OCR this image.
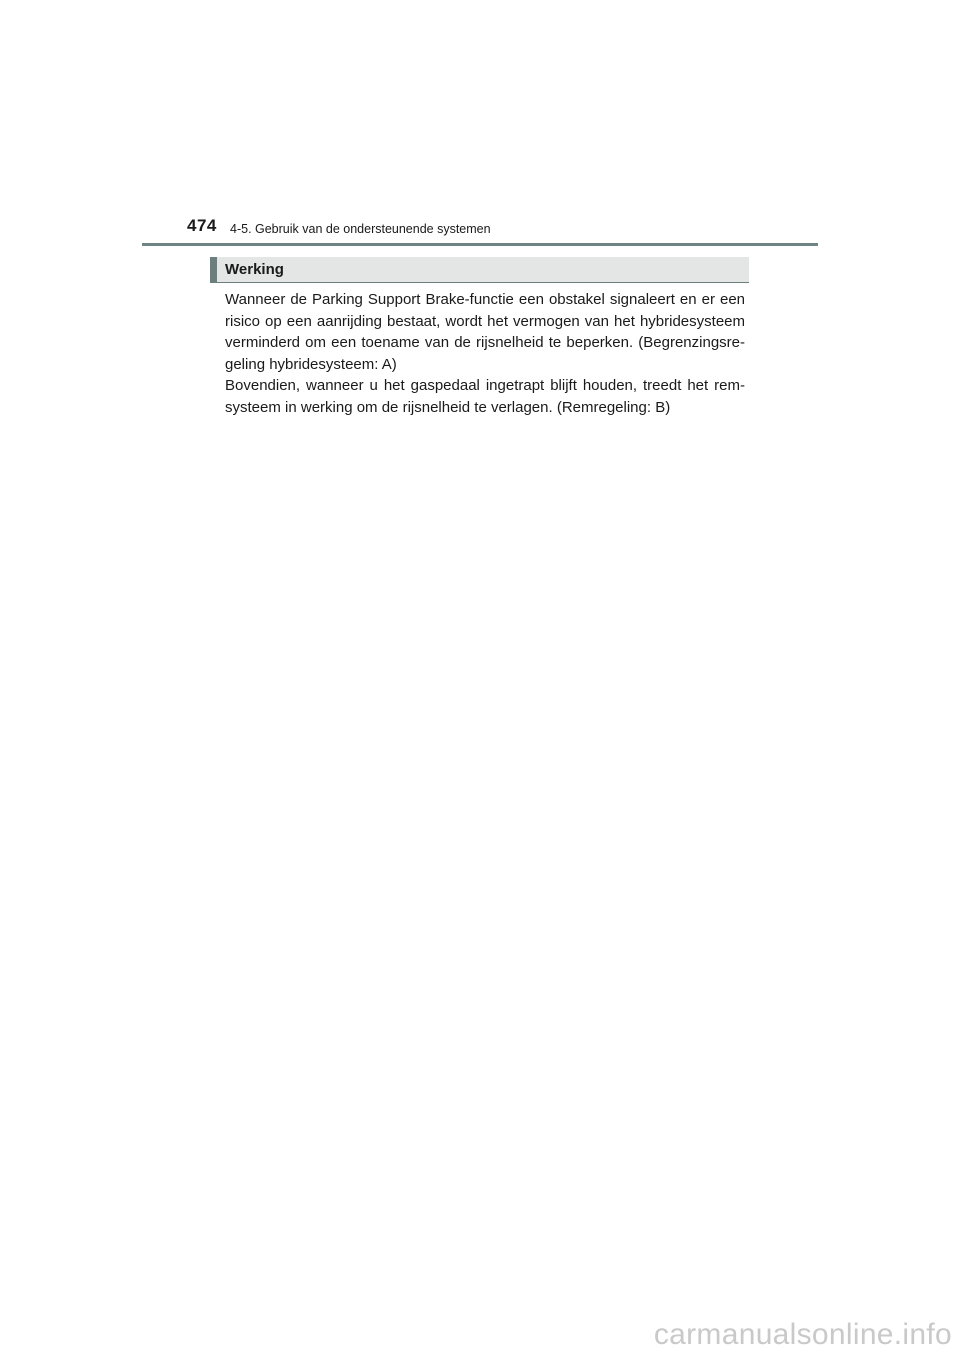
474 4-5. Gebruik van de ondersteunende systemen
Werking

Wanneer de Parking Support Brake-functie een obstakel signaleert en er een risico op een aanrijding bestaat, wordt het vermogen van het hybridesysteem verminderd om een toename van de rijsnelheid te beperken. (Begrenzingsre-geling hybridesysteem: A)

Bovendien, wanneer u het gaspedaal ingetrapt blijft houden, treedt het rem-systeem in werking om de rijsnelheid te verlagen. (Remregeling: B)

carmanualsonline.info
